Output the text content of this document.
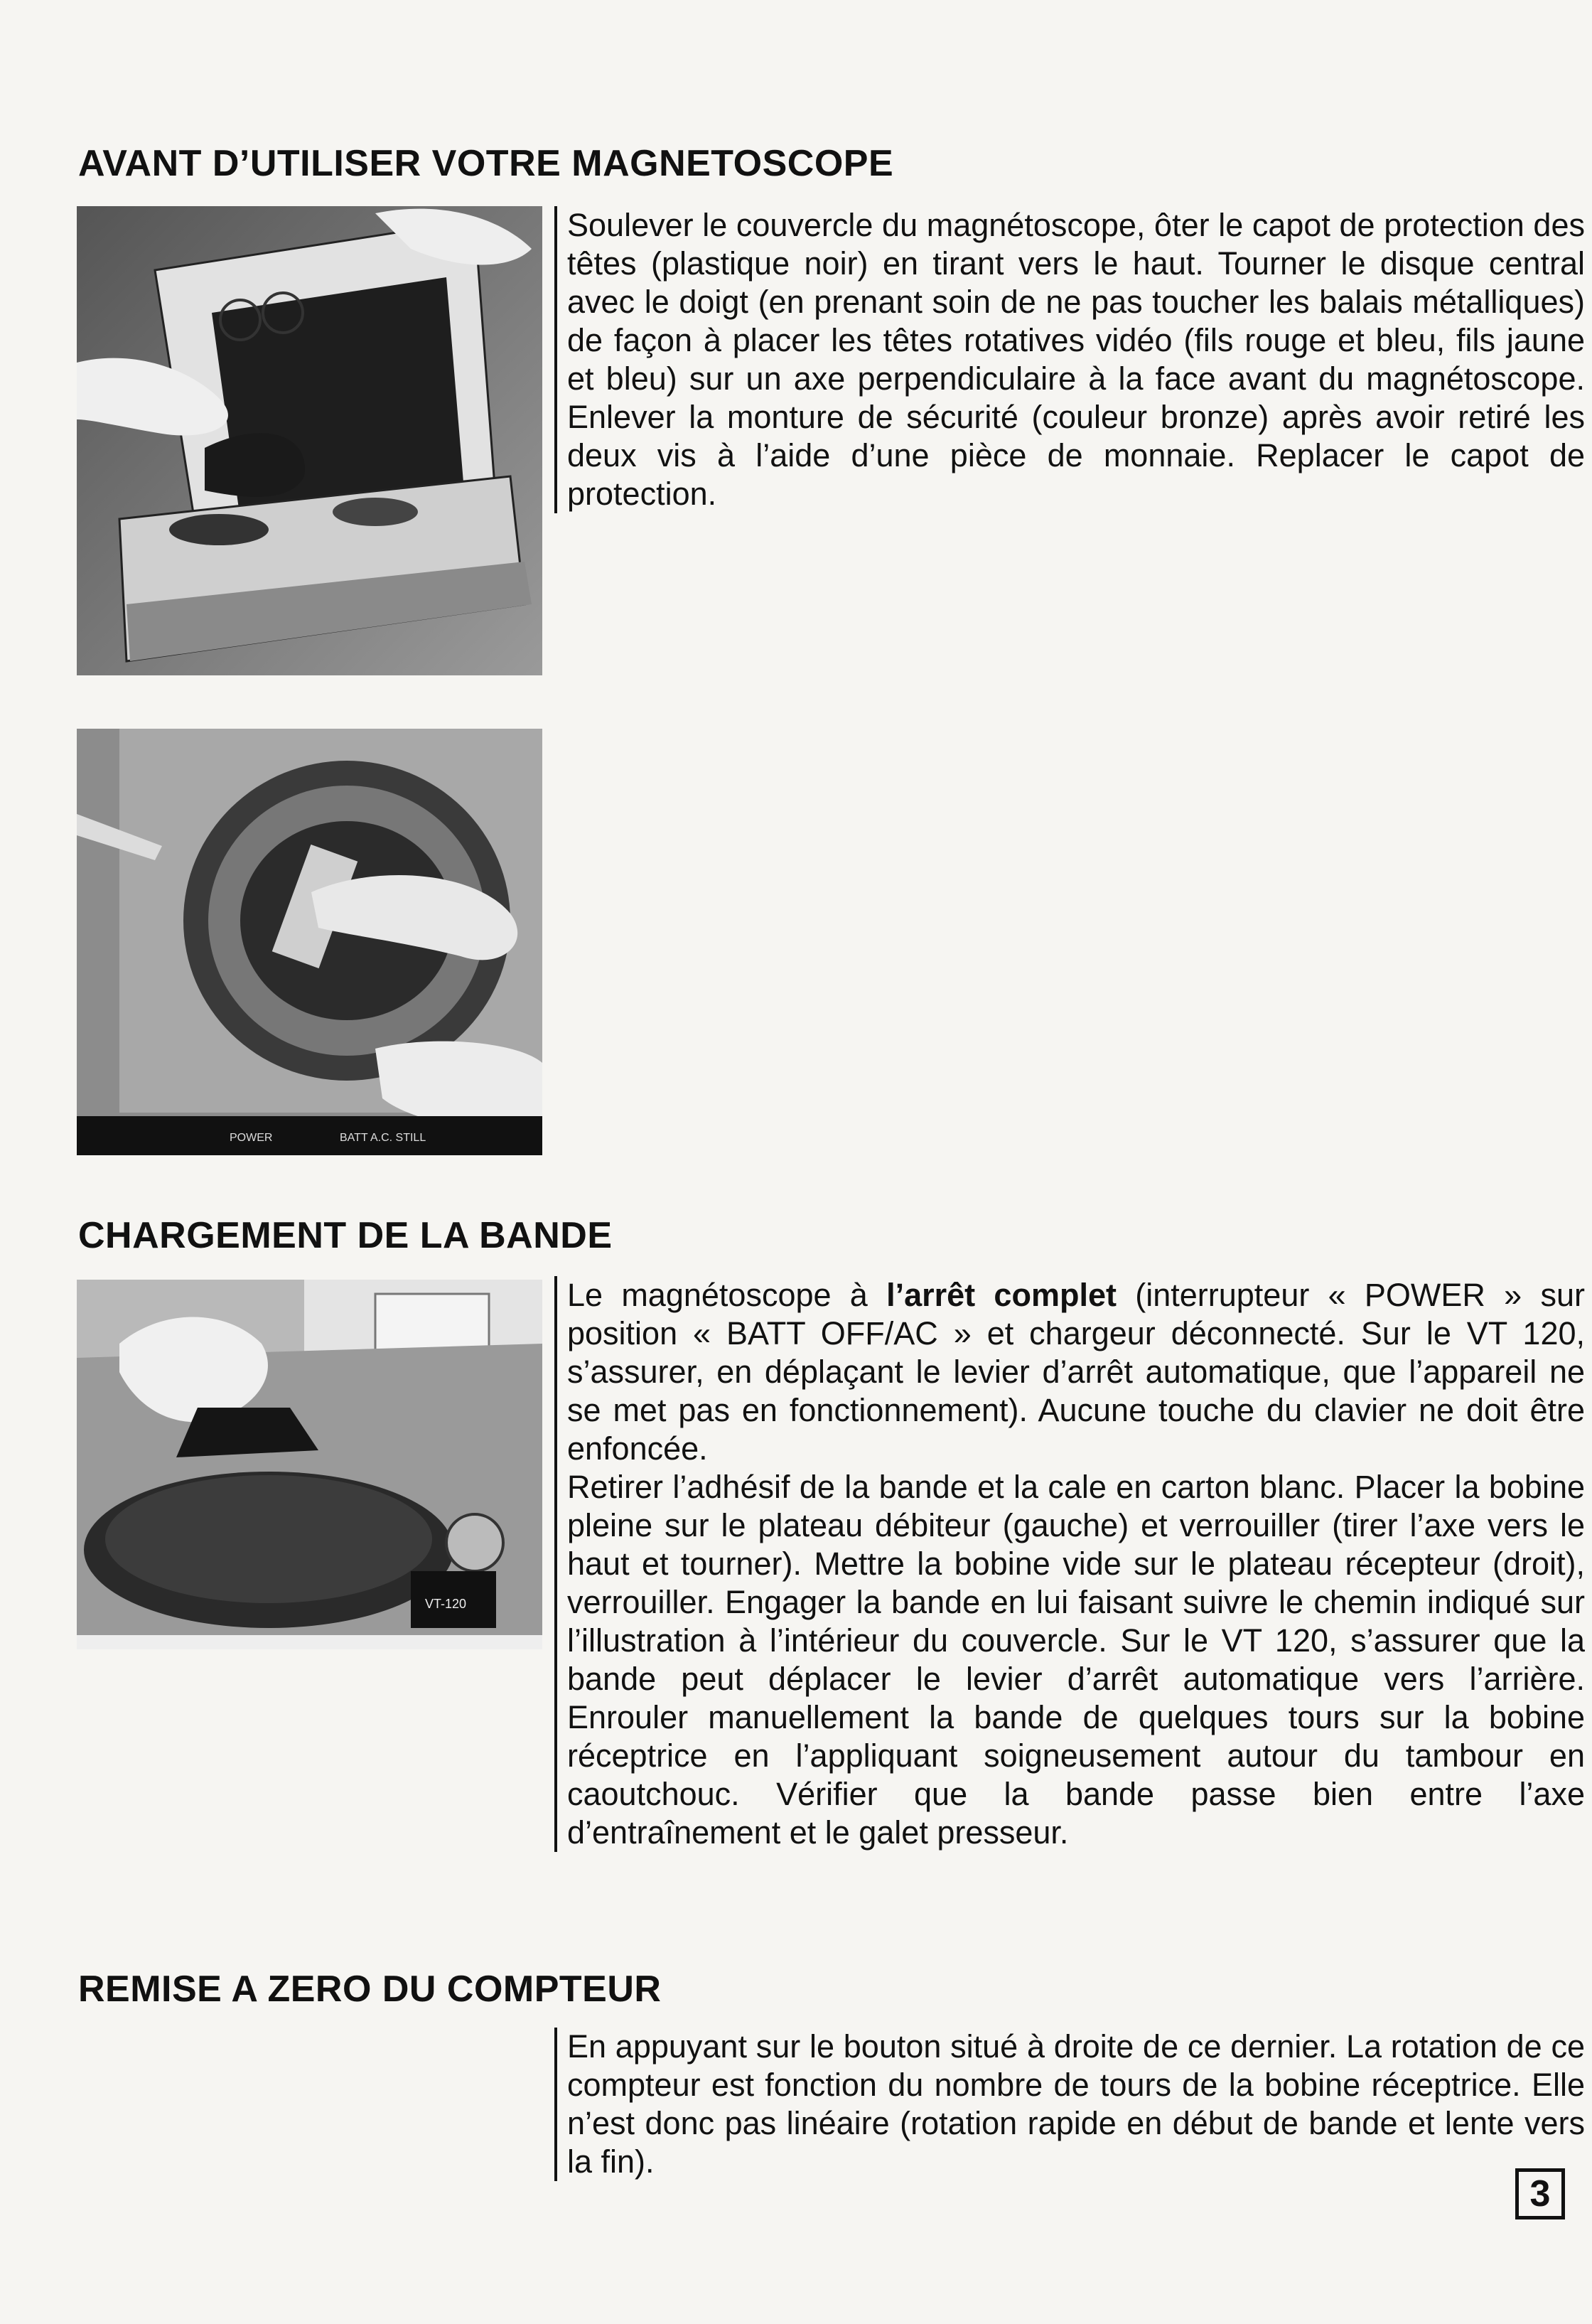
AVANT D’UTILISER VOTRE MAGNETOSCOPE

Soulever le couvercle du magnétoscope, ôter le capot de protection des têtes (plastique noir) en tirant vers le haut. Tourner le disque central avec le doigt (en prenant soin de ne pas toucher les balais métalliques) de façon à placer les têtes rotatives vidéo (fils rouge et bleu, fils jaune et bleu) sur un axe perpendiculaire à la face avant du magnétoscope. Enlever la monture de sécurité (couleur bronze) après avoir retiré les deux vis à l’aide d’une pièce de monnaie. Replacer le capot de protection.

POWER	BATT A.C. STILL
CHARGEMENT DE LA BANDE
VT-120

Le magnétoscope à l’arrêt complet (interrupteur « POWER » sur position « BATT OFF/AC » et chargeur déconnecté. Sur le VT 120, s’assurer, en déplaçant le levier d’arrêt automatique, que l’appareil ne se met pas en fonctionnement). Aucune touche du clavier ne doit être enfoncée.

Retirer l’adhésif de la bande et la cale en carton blanc. Placer la bobine pleine sur le plateau débiteur (gauche) et verrouiller (tirer l’axe vers le haut et tourner). Mettre la bobine vide sur le plateau récepteur (droit), verrouiller. Engager la bande en lui faisant suivre le chemin indiqué sur l’illustration à l’intérieur du couvercle. Sur le VT 120, s’assurer que la bande peut déplacer le levier d’arrêt automatique vers l’arrière. Enrouler manuellement la bande de quelques tours sur la bobine réceptrice en l’appliquant soigneusement autour du tambour en caoutchouc. Vérifier que la bande passe bien entre l’axe d’entraînement et le galet presseur.

REMISE A ZERO DU COMPTEUR

En appuyant sur le bouton situé à droite de ce dernier. La rotation de ce compteur est fonction du nombre de tours de la bobine réceptrice. Elle n’est donc pas linéaire (rotation rapide en début de bande et lente vers la fin).

3
